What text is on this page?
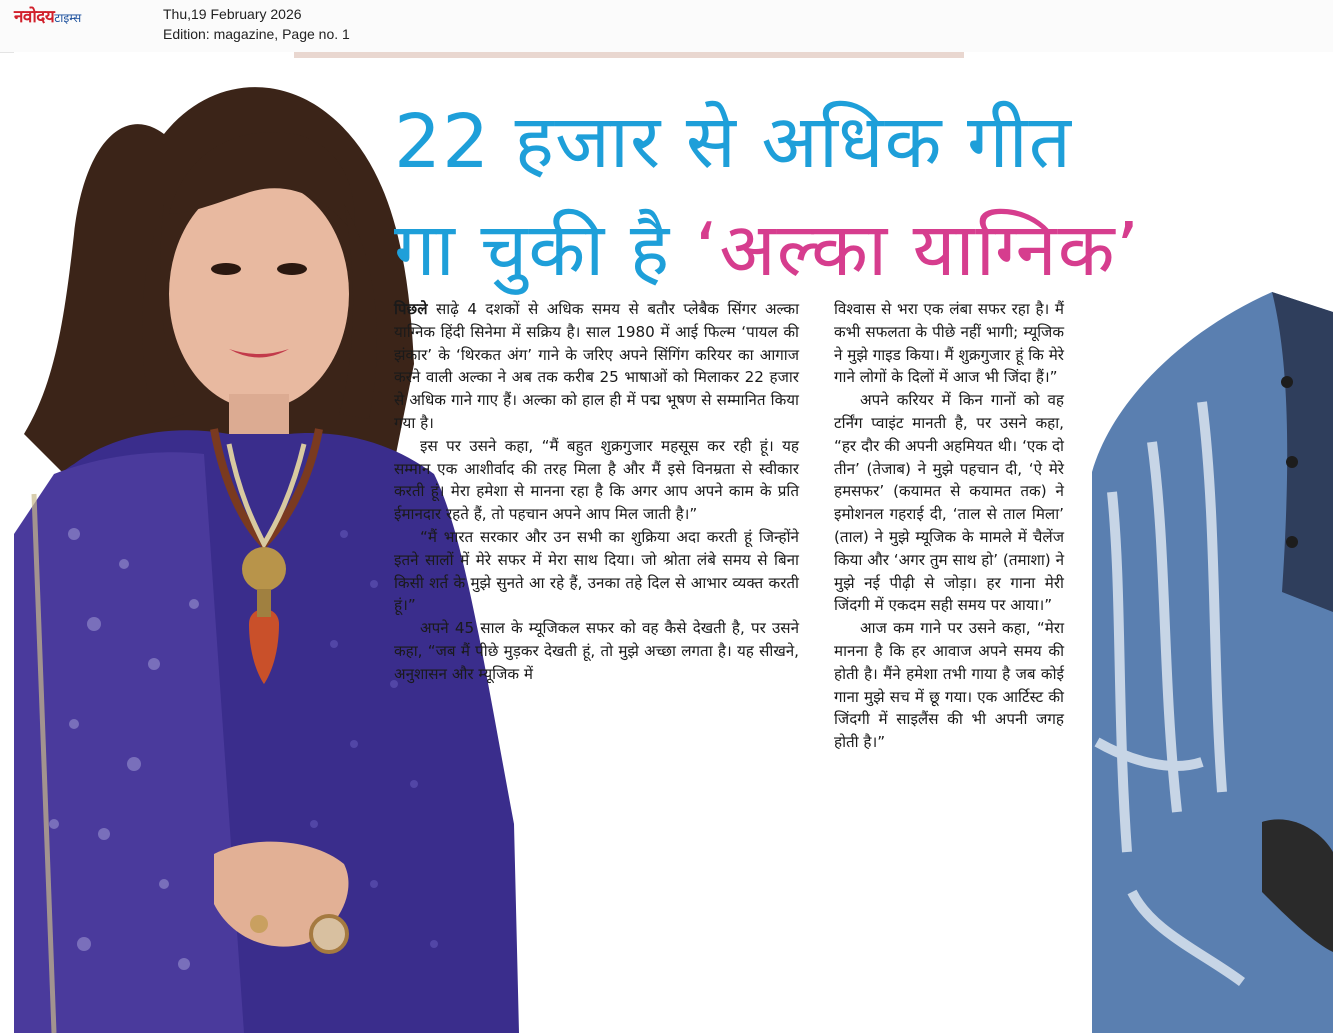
नवोदयटाइम्स	Thu,19 February 2026
Edition: magazine, Page no. 1
22 हजार से अधिक गीत
गा चुकी है ‘अल्का याग्निक’

पिछले साढ़े 4 दशकों से अधिक समय से बतौर प्लेबैक सिंगर अल्का याग्निक हिंदी सिनेमा में सक्रिय है। साल 1980 में आई फिल्म ‘पायल की झंकार’ के ‘थिरकत अंग’ गाने के जरिए अपने सिंगिंग करियर का आगाज करने वाली अल्का ने अब तक करीब 25 भाषाओं को मिलाकर 22 हजार से अधिक गाने गाए हैं। अल्का को हाल ही में पद्म भूषण से सम्मानित किया गया है।

इस पर उसने कहा, “मैं बहुत शुक्रगुजार महसूस कर रही हूं। यह सम्मान एक आशीर्वाद की तरह मिला है और मैं इसे विनम्रता से स्वीकार करती हूं। मेरा हमेशा से मानना रहा है कि अगर आप अपने काम के प्रति ईमानदार रहते हैं, तो पहचान अपने आप मिल जाती है।”

“मैं भारत सरकार और उन सभी का शुक्रिया अदा करती हूं जिन्होंने इतने सालों में मेरे सफर में मेरा साथ दिया। जो श्रोता लंबे समय से बिना किसी शर्त के मुझे सुनते आ रहे हैं, उनका तहे दिल से आभार व्यक्त करती हूं।”

अपने 45 साल के म्यूजिकल सफर को वह कैसे देखती है, पर उसने कहा, “जब मैं पीछे मुड़कर देखती हूं, तो मुझे अच्छा लगता है। यह सीखने, अनुशासन और म्यूजिक में

विश्वास से भरा एक लंबा सफर रहा है। मैं कभी सफलता के पीछे नहीं भागी; म्यूजिक ने मुझे गाइड किया। मैं शुक्रगुजार हूं कि मेरे गाने लोगों के दिलों में आज भी जिंदा हैं।”

अपने करियर में किन गानों को वह टर्निंग प्वाइंट मानती है, पर उसने कहा, “हर दौर की अपनी अहमियत थी। ‘एक दो तीन’ (तेजाब) ने मुझे पहचान दी, ‘ऐ मेरे हमसफर’ (कयामत से कयामत तक) ने इमोशनल गहराई दी, ‘ताल से ताल मिला’ (ताल) ने मुझे म्यूजिक के मामले में चैलेंज किया और ‘अगर तुम साथ हो’ (तमाशा) ने मुझे नई पीढ़ी से जोड़ा। हर गाना मेरी जिंदगी में एकदम सही समय पर आया।”

आज कम गाने पर उसने कहा, “मेरा मानना है कि हर आवाज अपने समय की होती है। मैंने हमेशा तभी गाया है जब कोई गाना मुझे सच में छू गया। एक आर्टिस्ट की जिंदगी में साइलैंस की भी अपनी जगह होती है।”
